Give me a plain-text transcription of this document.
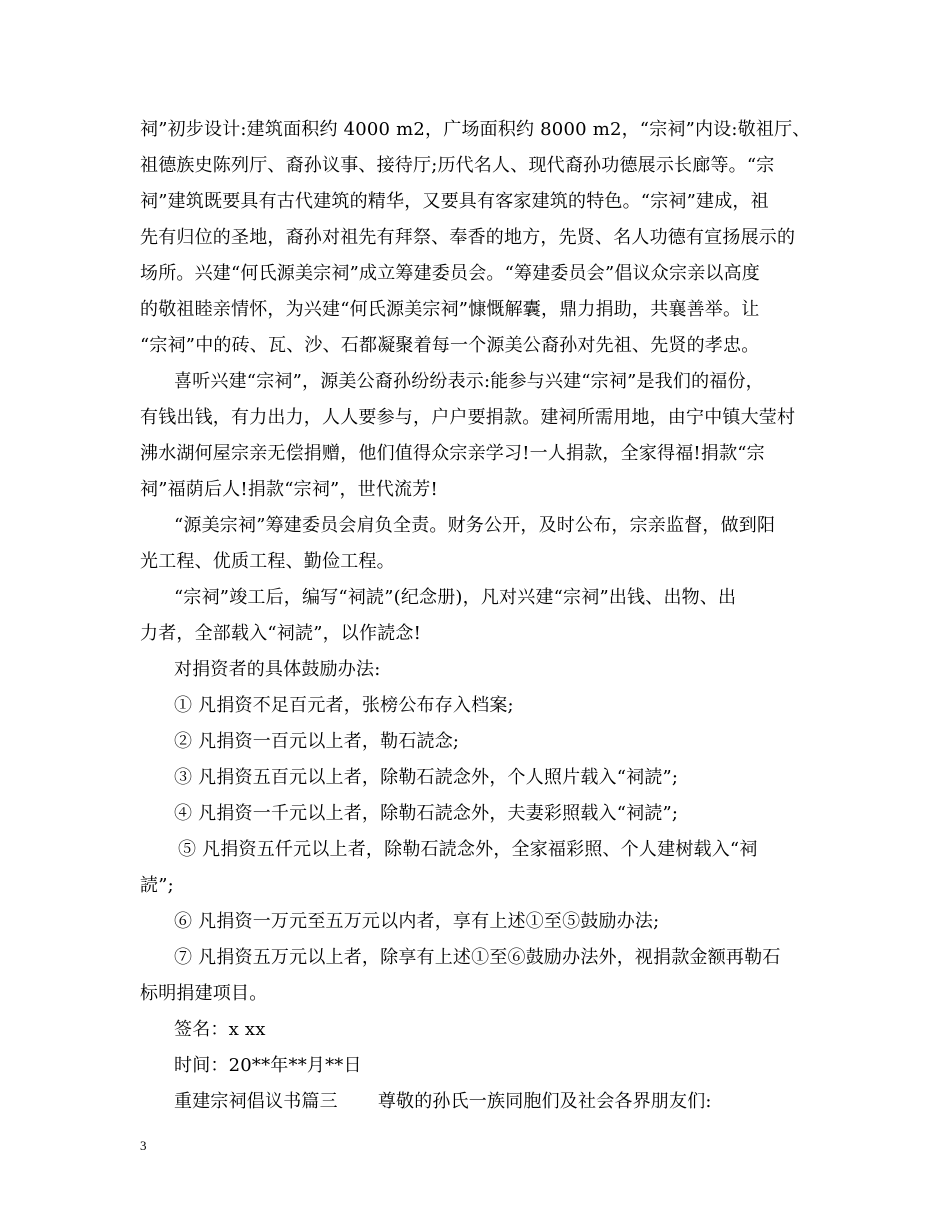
祠”初步设计:建筑面积约 4000 m2，广场面积约 8000 m2，“宗祠”内设:敬祖厅、
祖德族史陈列厅、裔孙议事、接待厅;历代名人、现代裔孙功德展示长廊等。“宗
祠”建筑既要具有古代建筑的精华，又要具有客家建筑的特色。“宗祠”建成，祖
先有归位的圣地，裔孙对祖先有拜祭、奉香的地方，先贤、名人功德有宣扬展示的
场所。兴建“何氏源美宗祠”成立筹建委员会。“筹建委员会”倡议众宗亲以高度
的敬祖睦亲情怀，为兴建“何氏源美宗祠”慷慨解囊，鼎力捐助，共襄善举。让
“宗祠”中的砖、瓦、沙、石都凝聚着每一个源美公裔孙对先祖、先贤的孝忠。
喜听兴建“宗祠”，源美公裔孙纷纷表示:能参与兴建“宗祠”是我们的福份，
有钱出钱，有力出力，人人要参与，户户要捐款。建祠所需用地，由宁中镇大莹村
沸水湖何屋宗亲无偿捐赠，他们值得众宗亲学习!一人捐款，全家得福!捐款“宗
祠”福荫后人!捐款“宗祠”，世代流芳!
“源美宗祠”筹建委员会肩负全责。财务公开，及时公布，宗亲监督，做到阳
光工程、优质工程、勤俭工程。
“宗祠”竣工后，编写“祠読”(纪念册)，凡对兴建“宗祠”出钱、出物、出
力者，全部载入“祠読”，以作読念!
对捐资者的具体鼓励办法:
① 凡捐资不足百元者，张榜公布存入档案;
② 凡捐资一百元以上者，勒石読念;
③ 凡捐资五百元以上者，除勒石読念外，个人照片载入“祠読”;
④ 凡捐资一千元以上者，除勒石読念外，夫妻彩照载入“祠読”;
⑤ 凡捐资五仟元以上者，除勒石読念外，全家福彩照、个人建树载入“祠
読”;
⑥ 凡捐资一万元至五万元以内者，享有上述①至⑤鼓励办法;
⑦ 凡捐资五万元以上者，除享有上述①至⑥鼓励办法外，视捐款金额再勒石
标明捐建项目。
签名：x xx
时间：20**年**月**日
重建宗祠倡议书篇三 尊敬的孙氏一族同胞们及社会各界朋友们:
3
